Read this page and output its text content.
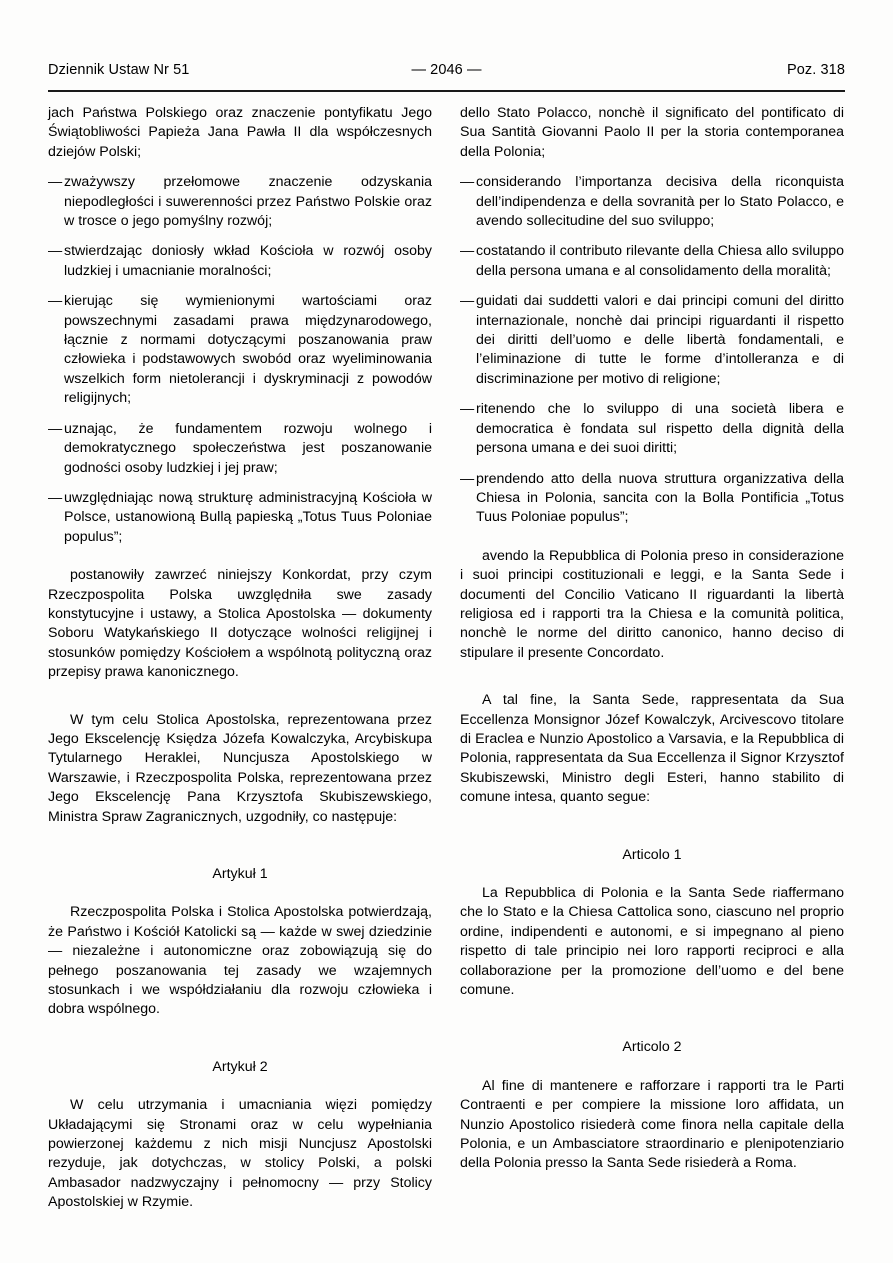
Dziennik Ustaw Nr 51	— 2046 —	Poz. 318

jach Państwa Polskiego oraz znaczenie pontyfikatu Jego Świątobliwości Papieża Jana Pawła II dla współczesnych dziejów Polski;

— zważywszy przełomowe znaczenie odzyskania niepodległości i suwerenności przez Państwo Polskie oraz w trosce o jego pomyślny rozwój;
— stwierdzając doniosły wkład Kościoła w rozwój osoby ludzkiej i umacnianie moralności;
— kierując się wymienionymi wartościami oraz powszechnymi zasadami prawa międzynarodowego, łącznie z normami dotyczącymi poszanowania praw człowieka i podstawowych swobód oraz wyeliminowania wszelkich form nietolerancji i dyskryminacji z powodów religijnych;
— uznając, że fundamentem rozwoju wolnego i demokratycznego społeczeństwa jest poszanowanie godności osoby ludzkiej i jej praw;
— uwzględniając nową strukturę administracyjną Kościoła w Polsce, ustanowioną Bullą papieską „Totus Tuus Poloniae populus”;

postanowiły zawrzeć niniejszy Konkordat, przy czym Rzeczpospolita Polska uwzględniła swe zasady konstytucyjne i ustawy, a Stolica Apostolska — dokumenty Soboru Watykańskiego II dotyczące wolności religijnej i stosunków pomiędzy Kościołem a wspólnotą polityczną oraz przepisy prawa kanonicznego.

W tym celu Stolica Apostolska, reprezentowana przez Jego Ekscelencję Księdza Józefa Kowalczyka, Arcybiskupa Tytularnego Heraklei, Nuncjusza Apostolskiego w Warszawie, i Rzeczpospolita Polska, reprezentowana przez Jego Ekscelencję Pana Krzysztofa Skubiszewskiego, Ministra Spraw Zagranicznych, uzgodniły, co następuje:

Artykuł 1

Rzeczpospolita Polska i Stolica Apostolska potwierdzają, że Państwo i Kościół Katolicki są — każde w swej dziedzinie — niezależne i autonomiczne oraz zobowiązują się do pełnego poszanowania tej zasady we wzajemnych stosunkach i we współdziałaniu dla rozwoju człowieka i dobra wspólnego.

Artykuł 2

W celu utrzymania i umacniania więzi pomiędzy Układającymi się Stronami oraz w celu wypełniania powierzonej każdemu z nich misji Nuncjusz Apostolski rezyduje, jak dotychczas, w stolicy Polski, a polski Ambasador nadzwyczajny i pełnomocny — przy Stolicy Apostolskiej w Rzymie.

dello Stato Polacco, nonchè il significato del pontificato di Sua Santità Giovanni Paolo II per la storia contemporanea della Polonia;

— considerando l’importanza decisiva della riconquista dell’indipendenza e della sovranità per lo Stato Polacco, e avendo sollecitudine del suo sviluppo;
— costatando il contributo rilevante della Chiesa allo sviluppo della persona umana e al consolidamento della moralità;
— guidati dai suddetti valori e dai principi comuni del diritto internazionale, nonchè dai principi riguardanti il rispetto dei diritti dell’uomo e delle libertà fondamentali, e l’eliminazione di tutte le forme d’intolleranza e di discriminazione per motivo di religione;
— ritenendo che lo sviluppo di una società libera e democratica è fondata sul rispetto della dignità della persona umana e dei suoi diritti;
— prendendo atto della nuova struttura organizzativa della Chiesa in Polonia, sancita con la Bolla Pontificia „Totus Tuus Poloniae populus”;

avendo la Repubblica di Polonia preso in considerazione i suoi principi costituzionali e leggi, e la Santa Sede i documenti del Concilio Vaticano II riguardanti la libertà religiosa ed i rapporti tra la Chiesa e la comunità politica, nonchè le norme del diritto canonico, hanno deciso di stipulare il presente Concordato.

A tal fine, la Santa Sede, rappresentata da Sua Eccellenza Monsignor Józef Kowalczyk, Arcivescovo titolare di Eraclea e Nunzio Apostolico a Varsavia, e la Repubblica di Polonia, rappresentata da Sua Eccellenza il Signor Krzysztof Skubiszewski, Ministro degli Esteri, hanno stabilito di comune intesa, quanto segue:

Articolo 1

La Repubblica di Polonia e la Santa Sede riaffermano che lo Stato e la Chiesa Cattolica sono, ciascuno nel proprio ordine, indipendenti e autonomi, e si impegnano al pieno rispetto di tale principio nei loro rapporti reciproci e alla collaborazione per la promozione dell’uomo e del bene comune.

Articolo 2

Al fine di mantenere e rafforzare i rapporti tra le Parti Contraenti e per compiere la missione loro affidata, un Nunzio Apostolico risiederà come finora nella capitale della Polonia, e un Ambasciatore straordinario e plenipotenziario della Polonia presso la Santa Sede risiederà a Roma.
